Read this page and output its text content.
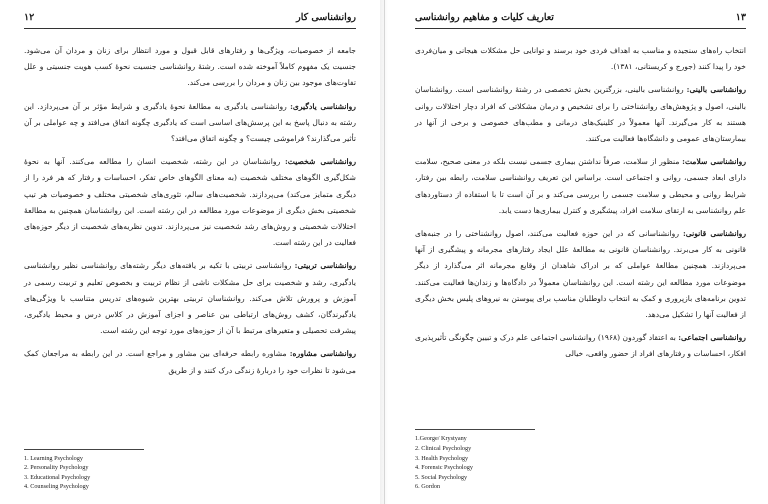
روانشناسی کار
۱۲

جامعه از خصوصیات، ویژگی‌ها و رفتارهای قابل قبول و مورد انتظار برای زنان و مردان آن می‌شود. جنسیت یک مفهوم کاملاً آموخته شده است. رشتهٔ روانشناسی جنسیت نحوهٔ کسب هویت جنسیتی و علل تفاوت‌های موجود بین زنان و مردان را بررسی می‌کند.

روانشناسی یادگیری: روانشناسی یادگیری به مطالعهٔ نحوهٔ یادگیری و شرایط مؤثر بر آن می‌پردازد. این رشته به دنبال پاسخ به این پرسش‌های اساسی است که یادگیری چگونه اتفاق می‌افتد و چه عواملی بر آن تأثیر می‌گذارند؟ فراموشی چیست؟ و چگونه اتفاق می‌افتد؟

روانشناسی شخصیت: روانشناسان در این رشته، شخصیت انسان را مطالعه می‌کنند. آنها به نحوهٔ شکل‌گیری الگوهای مختلف شخصیت (به معنای الگوهای خاص تفکر، احساسات و رفتار که هر فرد را از دیگری متمایز می‌کند) می‌پردازند. شخصیت‌های سالم، تئوری‌های شخصیتی مختلف و خصوصیات هر تیپ شخصیتی بخش دیگری از موضوعات مورد مطالعه در این رشته است. این روانشناسان همچنین به مطالعهٔ اختلالات شخصیتی و روش‌های رشد شخصیت نیز می‌پردازند. تدوین نظریه‌های شخصیت از دیگر حوزه‌های فعالیت در این رشته است.

روانشناسی تربیتی: روانشناسی تربیتی با تکیه بر یافته‌های دیگر رشته‌های روانشناسی نظیر روانشناسی یادگیری، رشد و شخصیت برای حل مشکلات ناشی از نظام تربیت و بخصوص تعلیم و تربیت رسمی در آموزش و پرورش تلاش می‌کند. روانشناسان تربیتی بهترین شیوه‌های تدریس متناسب با ویژگی‌های یادگیرندگان، کشف روش‌های ارتباطی بین عناصر و اجزای آموزش در کلاس درس و محیط یادگیری، پیشرفت تحصیلی و متغیرهای مرتبط با آن از حوزه‌های مورد توجه این رشته است.

روانشناسی مشاوره: مشاوره رابطه حرفه‌ای بین مشاور و مراجع است. در این رابطه به مراجعان کمک می‌شود تا نظرات خود را دربارهٔ زندگی درک کنند و از طریق

1. Learning Psychology
2. Personality Psychology
3. Educational Psychology
4. Counseling Psychology
۱۳
تعاریف کلیات و مفاهیم روانشناسی

انتخاب راه‌های سنجیده و مناسب به اهداف فردی خود برسند و توانایی حل مشکلات هیجانی و میان‌فردی خود را پیدا کنند (جورج و کریستانی، ۱۳۸۱).

روانشناسی بالینی: روانشناسی بالینی، بزرگترین بخش تخصصی در رشتهٔ روانشناسی است. روانشناسان بالینی، اصول و پژوهش‌های روانشناختی را برای تشخیص و درمان مشکلاتی که افراد دچار اختلالات روانی هستند به کار می‌گیرند. آنها معمولاً در کلینیک‌های درمانی و مطب‌های خصوصی و برخی از آنها در بیمارستان‌های عمومی و دانشگاه‌ها فعالیت می‌کنند.

روانشناسی سلامت: منظور از سلامت، صرفاً نداشتن بیماری جسمی نیست بلکه در معنی صحیح، سلامت دارای ابعاد جسمی، روانی و اجتماعی است. براساس این تعریف روانشناسی سلامت، رابطه بین رفتار، شرایط روانی و محیطی و سلامت جسمی را بررسی می‌کند و بر آن است تا با استفاده از دستاوردهای علم روانشناسی به ارتقای سلامت افراد، پیشگیری و کنترل بیماری‌ها دست یابد.

روانشناسی قانونی: روانشناسانی که در این حوزه فعالیت می‌کنند، اصول روانشناختی را در جنبه‌های قانونی به کار می‌برند. روانشناسان قانونی به مطالعهٔ علل ایجاد رفتارهای مجرمانه و پیشگیری از آنها می‌پردازند. همچنین مطالعهٔ عواملی که بر ادراک شاهدان از وقایع مجرمانه اثر می‌گذارد از دیگر موضوعات مورد مطالعه این رشته است. این روانشناسان معمولاً در دادگاه‌ها و زندان‌ها فعالیت می‌کنند. تدوین برنامه‌های بازپروری و کمک به انتخاب داوطلبان مناسب برای پیوستن به نیروهای پلیس بخش دیگری از فعالیت آنها را تشکیل می‌دهد.

روانشناسی اجتماعی: به اعتقاد گوردون (۱۹۶۸) روانشناسی اجتماعی علم درک و تبیین چگونگی تأثیرپذیری افکار، احساسات و رفتارهای افراد از حضور واقعی، خیالی

1.George/ Krystyany
2. Clinical Psychology
3. Health Psychology
4. Forensic Psychology
5. Social Psychology
6. Gordon
